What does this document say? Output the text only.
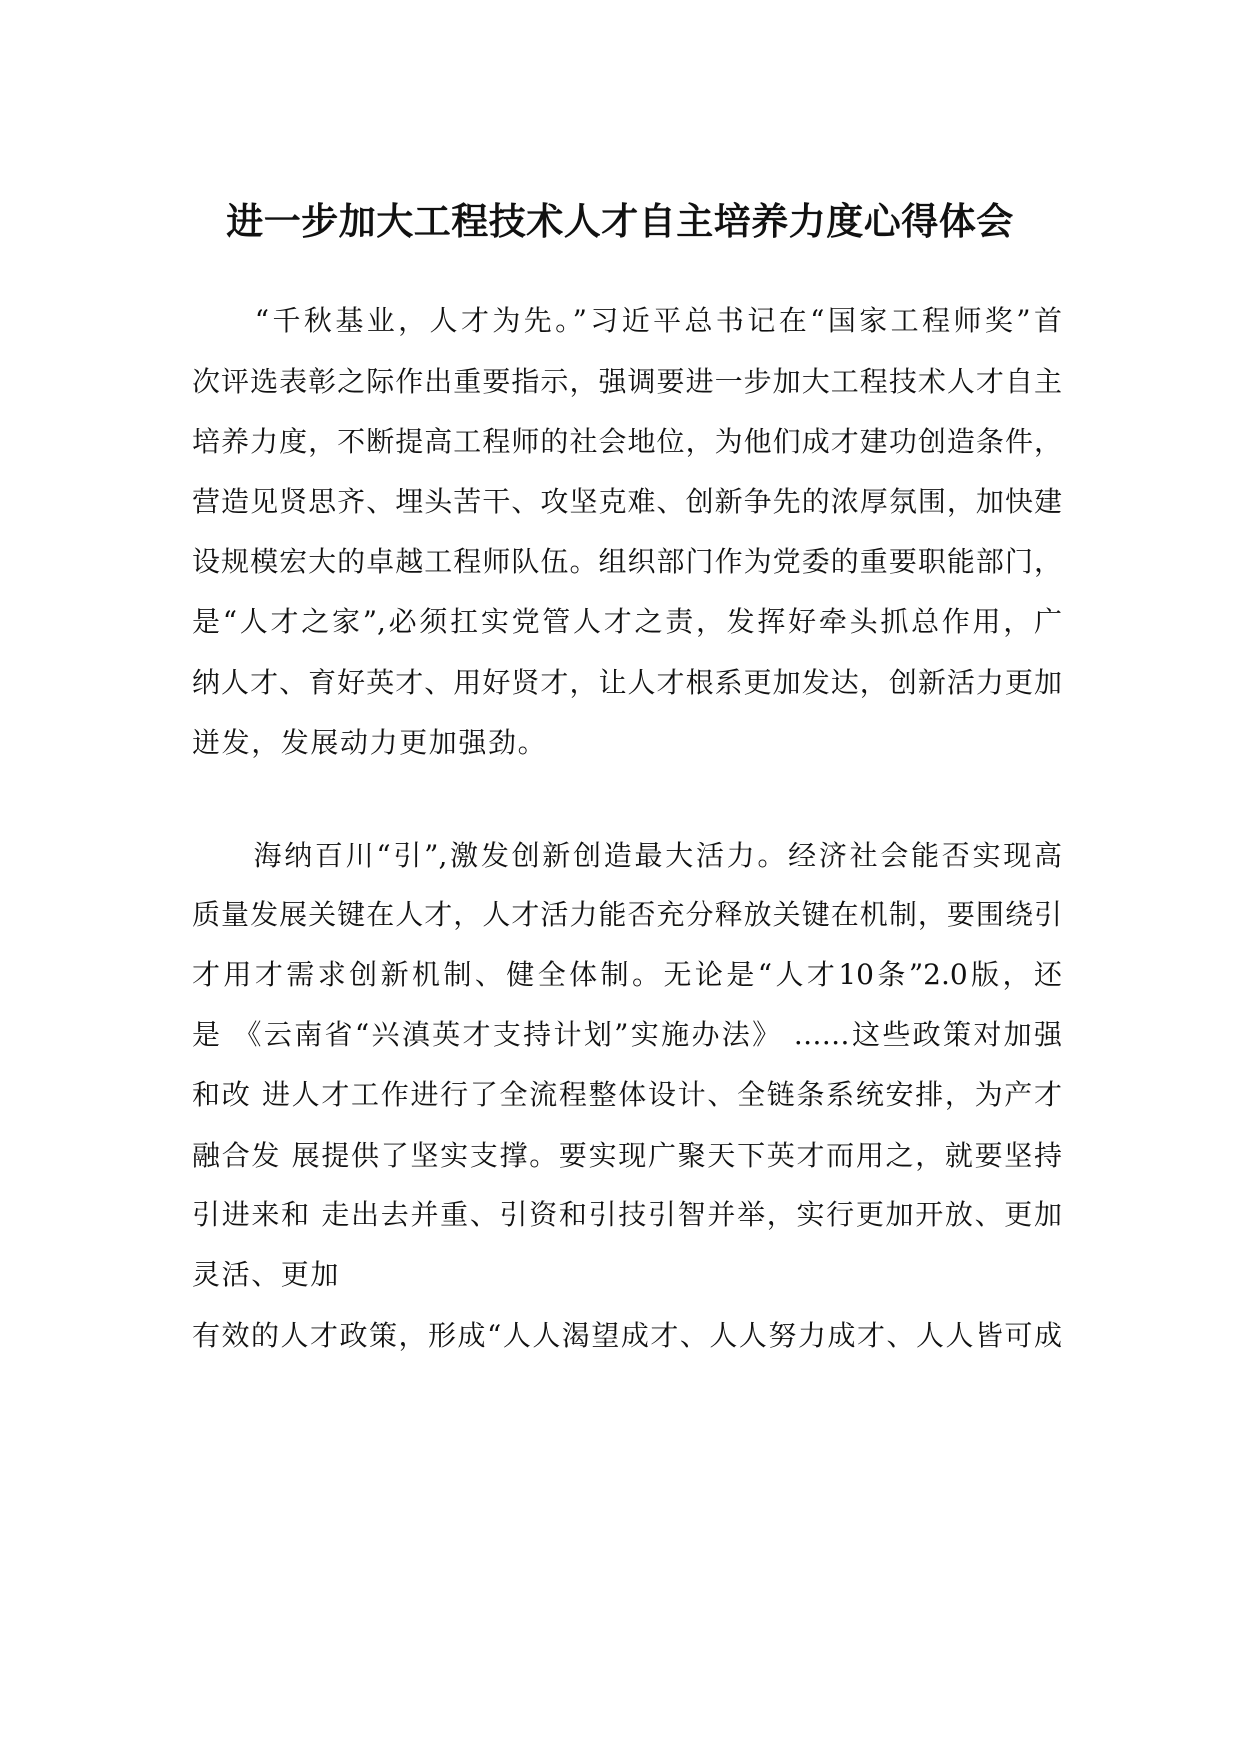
进一步加大工程技术人才自主培养力度心得体会
　　“千秋基业，人才为先。”习近平总书记在“国家工程师奖”首
次评选表彰之际作出重要指示，强调要进一步加大工程技术人才自主
培养力度，不断提高工程师的社会地位，为他们成才建功创造条件，
营造见贤思齐、埋头苦干、攻坚克难、创新争先的浓厚氛围，加快建
设规模宏大的卓越工程师队伍。组织部门作为党委的重要职能部门，
是“人才之家”,必须扛实党管人才之责，发挥好牵头抓总作用，广
纳人才、育好英才、用好贤才，让人才根系更加发达，创新活力更加
迸发，发展动力更加强劲。
　　海纳百川“引”,激发创新创造最大活力。经济社会能否实现高
质量发展关键在人才，人才活力能否充分释放关键在机制，要围绕引
才用才需求创新机制、健全体制。无论是“人才10条”2.0版，还
是 《云南省“兴滇英才支持计划”实施办法》 ……这些政策对加强
和改 进人才工作进行了全流程整体设计、全链条系统安排，为产才
融合发 展提供了坚实支撑。要实现广聚天下英才而用之，就要坚持
引进来和 走出去并重、引资和引技引智并举，实行更加开放、更加
灵活、更加
有效的人才政策，形成“人人渴望成才、人人努力成才、人人皆可成
